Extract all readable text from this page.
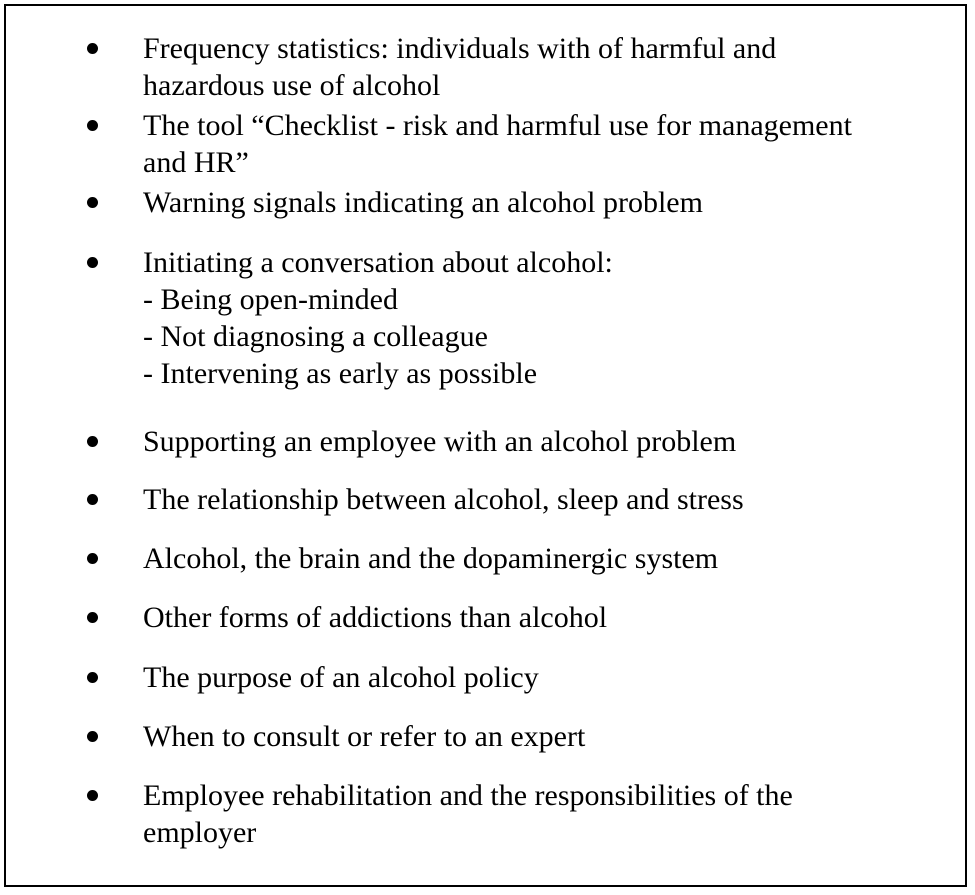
Frequency statistics: individuals with of harmful and
hazardous use of alcohol
The tool “Checklist - risk and harmful use for management
and HR”
Warning signals indicating an alcohol problem
Initiating a conversation about alcohol:
- Being open-minded
- Not diagnosing a colleague
- Intervening as early as possible
Supporting an employee with an alcohol problem
The relationship between alcohol, sleep and stress
Alcohol, the brain and the dopaminergic system
Other forms of addictions than alcohol
The purpose of an alcohol policy
When to consult or refer to an expert
Employee rehabilitation and the responsibilities of the
employer
